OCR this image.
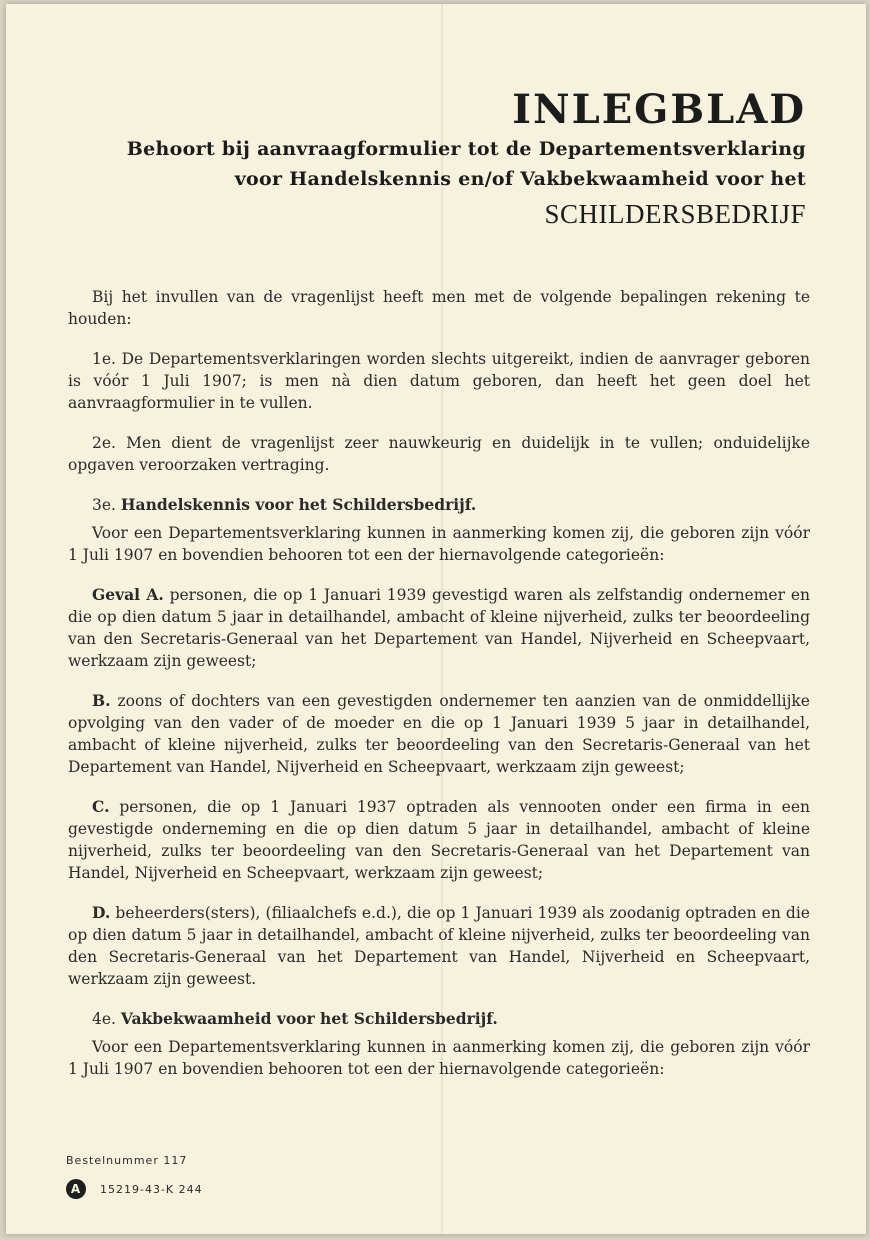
INLEGBLAD
Behoort bij aanvraagformulier tot de Departementsverklaring
voor Handelskennis en/of Vakbekwaamheid voor het
SCHILDERSBEDRIJF

Bij het invullen van de vragenlijst heeft men met de volgende bepalingen rekening te houden:

1e. De Departementsverklaringen worden slechts uitgereikt, indien de aanvrager geboren is vóór 1 Juli 1907; is men nà dien datum geboren, dan heeft het geen doel het aanvraagformulier in te vullen.

2e. Men dient de vragenlijst zeer nauwkeurig en duidelijk in te vullen; onduidelijke opgaven veroorzaken vertraging.

3e. Handelskennis voor het Schildersbedrijf.

Voor een Departementsverklaring kunnen in aanmerking komen zij, die geboren zijn vóór 1 Juli 1907 en bovendien behooren tot een der hiernavolgende categorieën:

Geval A. personen, die op 1 Januari 1939 gevestigd waren als zelfstandig ondernemer en die op dien datum 5 jaar in detailhandel, ambacht of kleine nijverheid, zulks ter beoordeeling van den Secretaris-Generaal van het Departement van Handel, Nijverheid en Scheepvaart, werkzaam zijn geweest;

B. zoons of dochters van een gevestigden ondernemer ten aanzien van de onmiddellijke opvolging van den vader of de moeder en die op 1 Januari 1939 5 jaar in detailhandel, ambacht of kleine nijverheid, zulks ter beoordeeling van den Secretaris-Generaal van het Departement van Handel, Nijverheid en Scheepvaart, werkzaam zijn geweest;

C. personen, die op 1 Januari 1937 optraden als vennooten onder een firma in een gevestigde onderneming en die op dien datum 5 jaar in detailhandel, ambacht of kleine nijverheid, zulks ter beoordeeling van den Secretaris-Generaal van het Departement van Handel, Nijverheid en Scheepvaart, werkzaam zijn geweest;

D. beheerders(sters), (filiaalchefs e.d.), die op 1 Januari 1939 als zoodanig optraden en die op dien datum 5 jaar in detailhandel, ambacht of kleine nijverheid, zulks ter beoordeeling van den Secretaris-Generaal van het Departement van Handel, Nijverheid en Scheepvaart, werkzaam zijn geweest.

4e. Vakbekwaamheid voor het Schildersbedrijf.

Voor een Departementsverklaring kunnen in aanmerking komen zij, die geboren zijn vóór 1 Juli 1907 en bovendien behooren tot een der hiernavolgende categorieën:

Bestelnummer 117
A	15219-43-K 244
